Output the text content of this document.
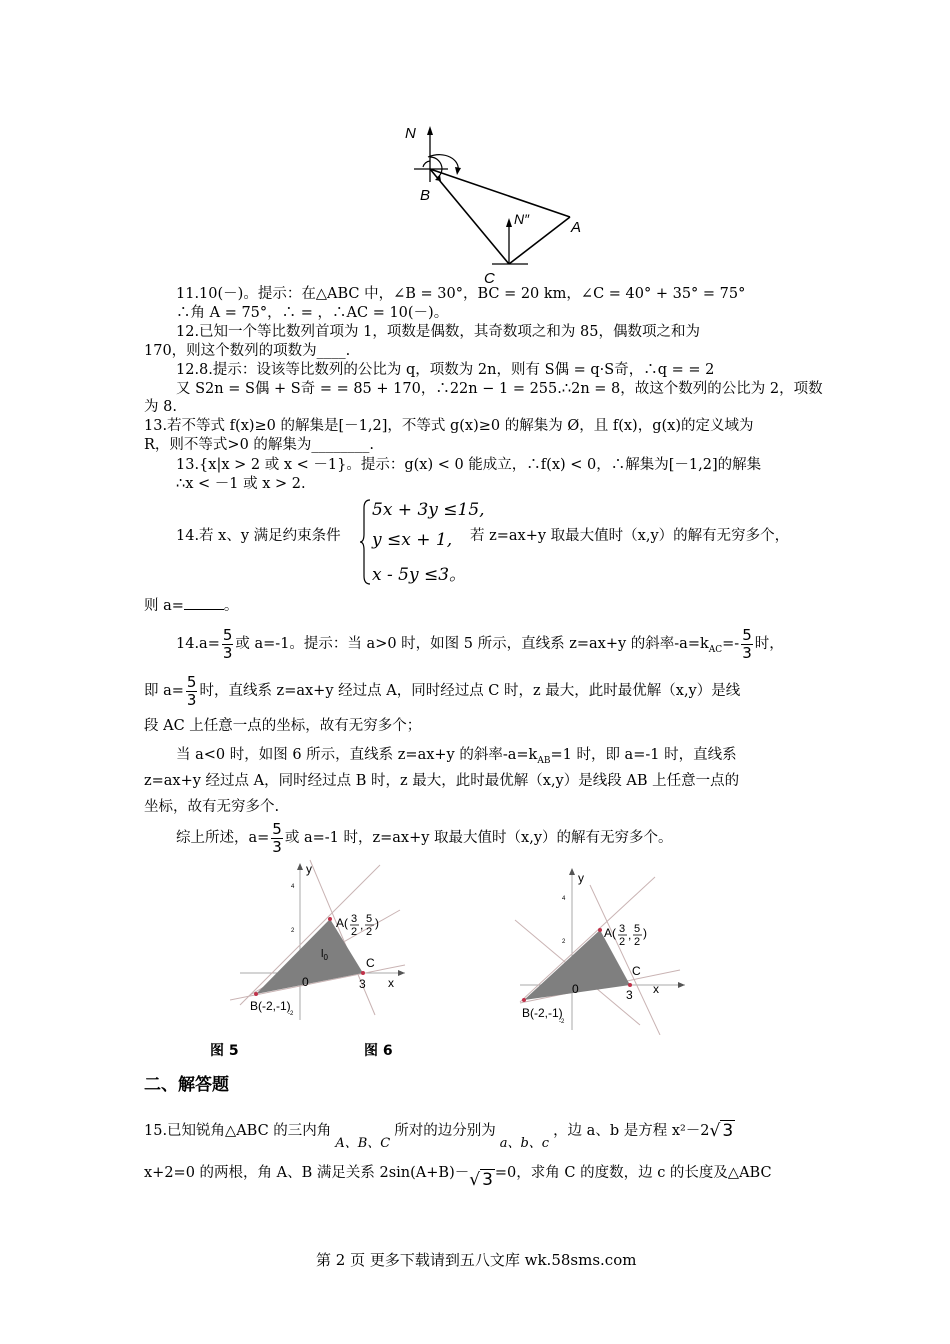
N
B
N″	A
C
11.10(－)。提示：在△ABC 中，∠B = 30°，BC = 20 km，∠C = 40° + 35° = 75°
∴角 A = 75°，∴ = ，∴AC = 10(－)。
12.已知一个等比数列首项为 1，项数是偶数，其奇数项之和为 85，偶数项之和为
170，则这个数列的项数为____.
12.8.提示：设该等比数列的公比为 q，项数为 2n，则有 S偶 = q·S奇，∴q = = 2
又 S2n = S偶 + S奇 = = 85 + 170，∴22n − 1 = 255.∴2n = 8，故这个数列的公比为 2，项数
为 8.
13.若不等式 f(x)≥0 的解集是[－1,2]，不等式 g(x)≥0 的解集为 Ø，且 f(x)，g(x)的定义域为
R，则不等式>0 的解集为________.
13.{x|x > 2 或 x < －1}。提示：g(x) < 0 能成立，∴f(x) < 0，∴解集为[－1,2]的解集
∴x < －1 或 x > 2.
14.若 x、y 满足约束条件
5x + 3y ≤15,
y ≤x + 1,
x - 5y ≤3。
若 z=ax+y 取最大值时（x,y）的解有无穷多个，
则 a=	。
$14.a= \frac{5}{3}$ 或 a=-1。提示：当 a>0 时，如图 5 所示，直线系 z=ax+y 的斜率$-a=k_{AC}=- \frac{5}{3}$ 时，
即 $a= \frac{5}{3}$ 时，直线系 z=ax+y 经过点 A，同时经过点 C 时，z 最大，此时最优解（x,y）是线
段 AC 上任意一点的坐标，故有无穷多个；
当 a<0 时，如图 6 所示，直线系 z=ax+y 的斜率$-a=k_{AB}=1$ 时，即 a=-1 时，直线系
z=ax+y 经过点 A，同时经过点 B 时，z 最大，此时最优解（x,y）是线段 AB 上任意一点的
坐标，故有无穷多个.
综上所述，$a= \frac{5}{3}$ 或 a=-1 时，z=ax+y 取最大值时（x,y）的解有无穷多个。
y
x
0
4
2
-2
$l_0$
A( 3 2 , 5 2
)
C
3
B(-2,-1)
y
x
0
4
2
-2
A( 3 2 , 5 2
)
C
3
B(-2,-1)
图 5	图 6
二、解答题
15.已知锐角△ABC 的三内角A、B、C所对的边分别为a、b、c，边 a、b 是方程 x²－2√ 3
x+2=0 的两根，角 A、B 满足关系 2sin(A+B)－√ 3 =0，求角 C 的度数，边 c 的长度及△ABC
第 2 页 更多下载请到五八文库 wk.58sms.com
